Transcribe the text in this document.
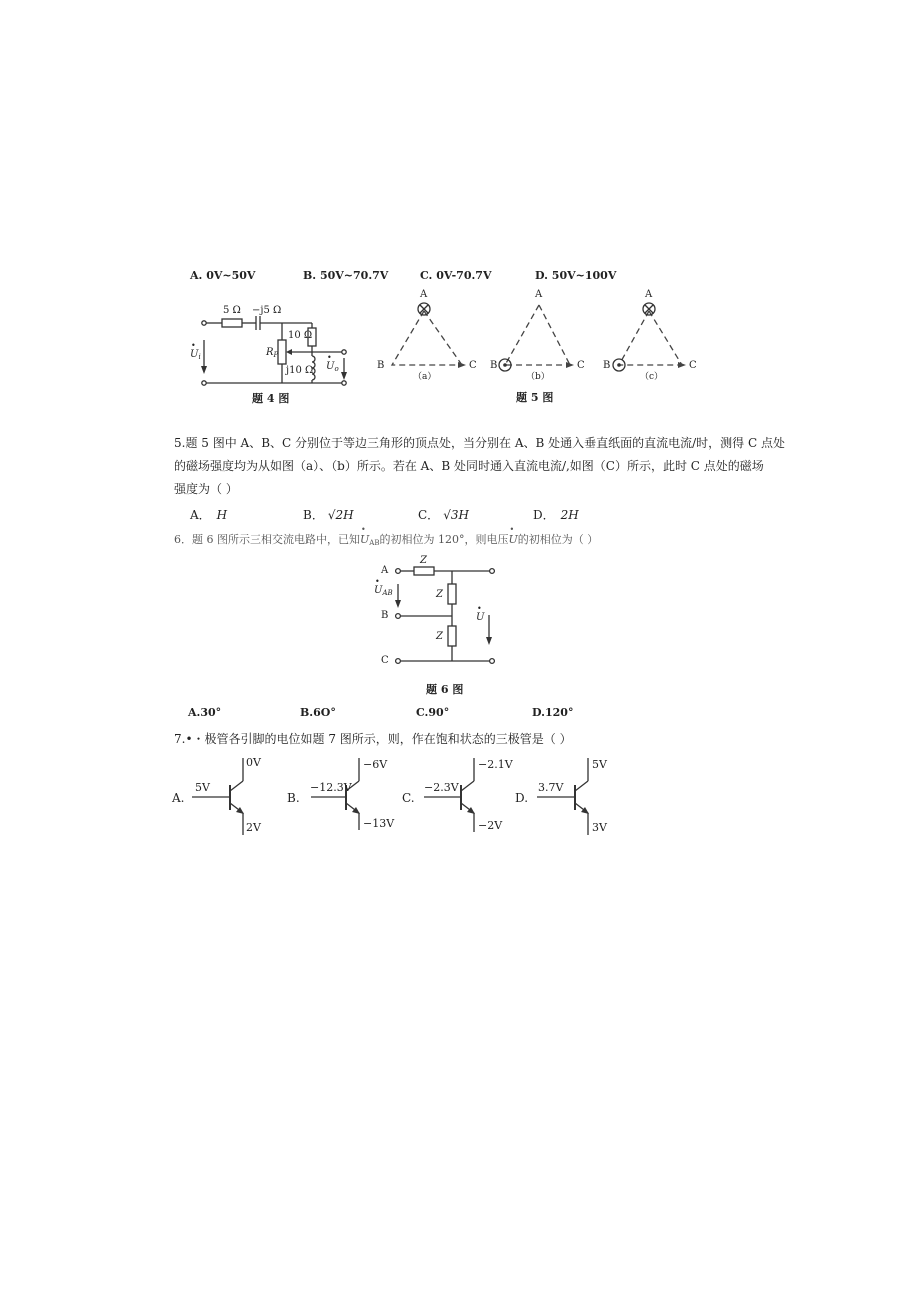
A. 0V~50V	B. 50V~70.7V	C. 0V-70.7V	D. 50V~100V
5 Ω −j5 Ω
10 Ω
$R_P$
j10 Ω
• $U_i$
• $U_o$
题 4 图
A
B	C
（a）
A
B	C
（b）
A
B	C
（c）
题 5 图
5.题 5 图中 A、B、C 分别位于等边三角形的顶点处，当分别在 A、B 处通入垂直纸面的直流电流/时，测得 C 点处
的磁场强度均为从如图（a）、（b）所示。若在 A、B 处同时通入直流电流/,如图（C）所示，此时 C 点处的磁场
强度为（ ）
A． H	B． √2H	C． √3H	D． 2H
6．题 6 图所示三相交流电路中，已知• $U_{AB}$的初相位为 120°，则电压• U的初相位为（ ）
A
B
C
Z
Z
Z
• $U_{AB}$
• U
题 6 图
A.30°	B.6O°	C.90°	D.120°
7.•・极管各引脚的电位如题 7 图所示，则，作在饱和状态的三极管是（ ）
A.
5V
0V
2V
B.
−12.3V
−6V
−13V
C.
−2.3V
−2.1V
−2V
D.
3.7V
5V
3V
